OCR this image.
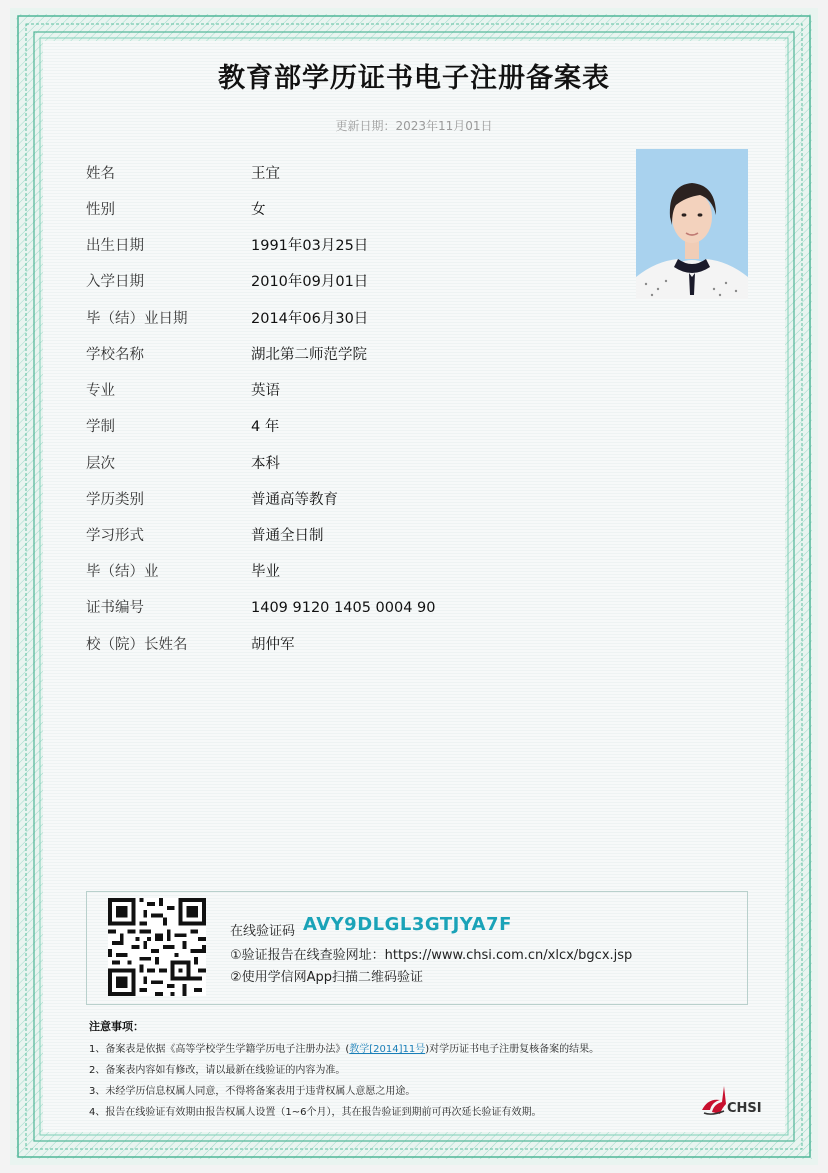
教育部学历证书电子注册备案表
更新日期：2023年11月01日
姓名	王宜
性别	女
出生日期	1991年03月25日
入学日期	2010年09月01日
毕（结）业日期	2014年06月30日
学校名称	湖北第二师范学院
专业	英语
学制	4 年
层次	本科
学历类别	普通高等教育
学习形式	普通全日制
毕（结）业	毕业
证书编号	1409 9120 1405 0004 90
校（院）长姓名	胡仲军
在线验证码 AVY9DLGL3GTJYA7F
①验证报告在线查验网址：https://www.chsi.com.cn/xlcx/bgcx.jsp
②使用学信网App扫描二维码验证
注意事项：
1、备案表是依据《高等学校学生学籍学历电子注册办法》(教学[2014]11号)对学历证书电子注册复核备案的结果。
2、备案表内容如有修改，请以最新在线验证的内容为准。
3、未经学历信息权属人同意，不得将备案表用于违背权属人意愿之用途。
4、报告在线验证有效期由报告权属人设置（1~6个月），其在报告验证到期前可再次延长验证有效期。	CHSI
